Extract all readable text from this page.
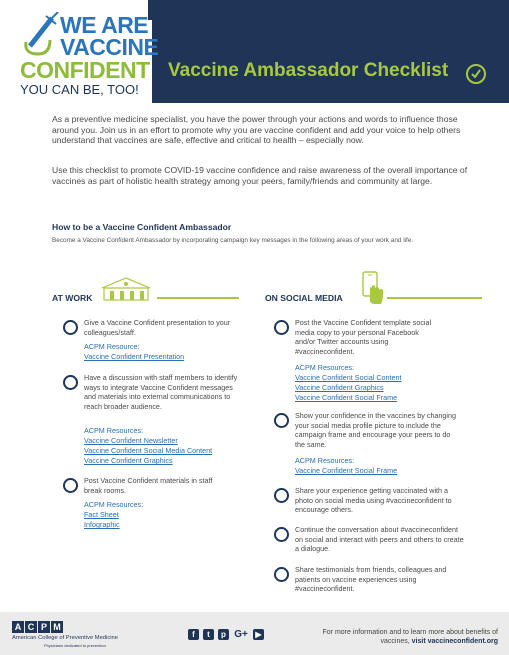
WE ARE
VACCINE
CONFIDENT
YOU CAN BE, TOO!
Vaccine Ambassador Checklist

As a preventive medicine specialist, you have the power through your actions and words to influence those around you. Join us in an effort to promote why you are vaccine confident and add your voice to help others understand that vaccines are safe, effective and critical to health – especially now.

Use this checklist to promote COVID-19 vaccine confidence and raise awareness of the overall importance of vaccines as part of holistic health strategy among your peers, family/friends and community at large.

How to be a Vaccine Confident Ambassador
Become a Vaccine Confident Ambassador by incorporating campaign key messages in the following areas of your work and life.
AT WORK
Give a Vaccine Confident presentation to your colleagues/staff.
ACPM Resource:
Vaccine Confident Presentation
Have a discussion with staff members to identify ways to integrate Vaccine Confident messages and materials into external communications to reach broader audience.
ACPM Resources:
Vaccine Confident Newsletter
Vaccine Confident Social Media Content
Vaccine Confident Graphics
Post Vaccine Confident materials in staff break rooms.
ACPM Resources:
Fact Sheet
Infographic
ON SOCIAL MEDIA
Post the Vaccine Confident template social media copy to your personal Facebook and/or Twitter accounts using #vaccineconfident.
ACPM Resources:
Vaccine Confident Social Content
Vaccine Confident Graphics
Vaccine Confident Social Frame
Show your confidence in the vaccines by changing your social media profile picture to include the campaign frame and encourage your peers to do the same.
ACPM Resources:
Vaccine Confident Social Frame
Share your experience getting vaccinated with a photo on social media using #vaccineconfident to encourage others.
Continue the conversation about #vaccineconfident on social and interact with peers and others to create a dialogue.
Share testimonials from friends, colleagues and patients on vaccine experiences using #vaccineconfident.
A C P M
American College of Preventive Medicine
Physicians dedicated to prevention
f	t	p G+ ▶	For more information and to learn more about benefits of vaccines, visit vaccineconfident.org
